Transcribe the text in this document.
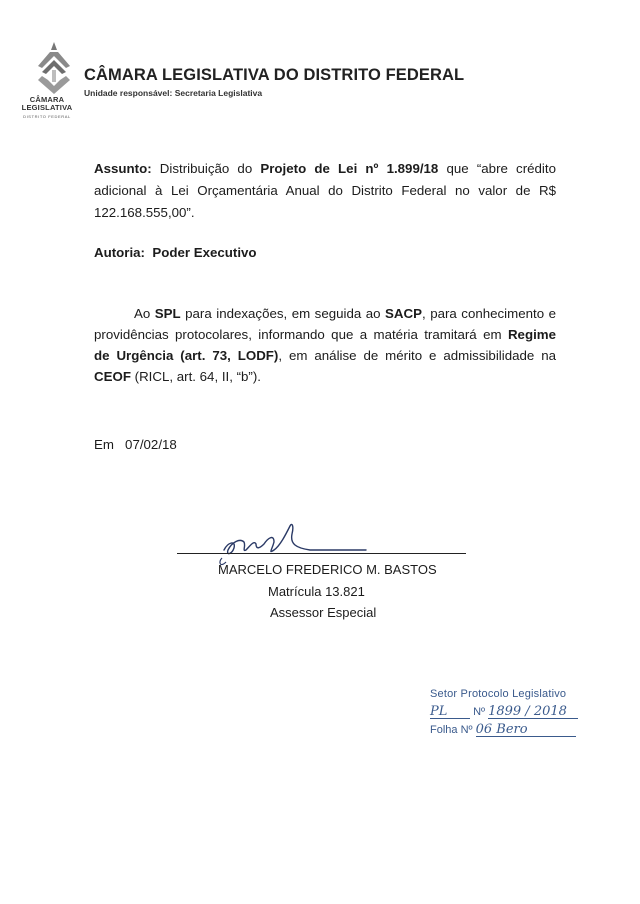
CÂMARA
LEGISLATIVA
DISTRITO FEDERAL
CÂMARA LEGISLATIVA DO DISTRITO FEDERAL
Unidade responsável: Secretaria Legislativa
Assunto: Distribuição do Projeto de Lei nº 1.899/18 que “abre crédito
adicional à Lei Orçamentária Anual do Distrito Federal no valor de R$
122.168.555,00”.
Autoria: Poder Executivo
Ao SPL para indexações, em seguida ao SACP, para conhecimento e
providências protocolares, informando que a matéria tramitará em Regime
de Urgência (art. 73, LODF), em análise de mérito e admissibilidade na
CEOF (RICL, art. 64, II, “b”).
Em 07/02/18
MARCELO FREDERICO M. BASTOS
Matrícula 13.821
Assessor Especial
Setor Protocolo Legislativo
PL Nº 1899 / 2018
Folha Nº 06 Bero
